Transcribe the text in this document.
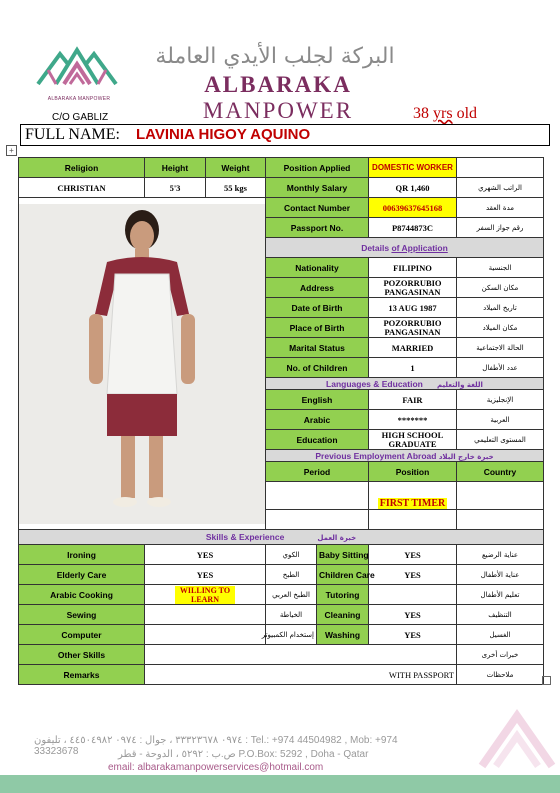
ALBARAKA MANPOWER
البركة لجلب الأيدي العاملة
ALBARAKA MANPOWER
C/O GABLIZ	38 yrs old
FULL NAME: LAVINIA HIGOY AQUINO
+
Religion	Height	Weight	Position Applied		DOMESTIC WORKER	
CHRISTIAN	5'3	55 kgs	Monthly Salary		QR 1,460	الراتب الشهري

	Contact Number		00639637645168	مدة العقد
			Passport No.		P8744873C	رقم جواز السفر
			Details of Application			
			Nationality		FILIPINO	الجنسية
			Address		POZORRUBIO PANGASINAN	مكان السكن
			Date of Birth		13 AUG 1987	تاريخ الميلاد
			Place of Birth		POZORRUBIO PANGASINAN	مكان الميلاد
			Marital Status		MARRIED	الحالة الاجتماعية
			No. of Children		1	عدد الأطفال
			Languages & Education اللغة والتعليم			
			English		FAIR	الإنجليزية
			Arabic		*******	العربية
			Education		HIGH SCHOOL GRADUATE	المستوى التعليمي
			Previous Employment Abroad خبرة خارج البلاد			
			Period		Position	Country
					FIRST TIMER	

Skills & Experience خبرة العمل						
Ironing	YES		الكوي	Baby Sitting	YES	عناية الرضيع
Elderly Care	YES		الطبخ	Children Care	YES	عناية الأطفال
Arabic Cooking	WILLING TO LEARN		الطبخ العربي	Tutoring		تعليم الأطفال
Sewing			الخياطة	Cleaning	YES	التنظيف
Computer			إستخدام الكمبيوتر	Washing	YES	الغسيل
Other Skills						خبرات أخرى
Remarks	WITH PASSPORT					ملاحظات
٠٩٧٤ ٣٣٣٢٣٦٧٨ ، جوال : ٠٩٧٤ ٤٤٥٠٤٩٨٢ ، تليفون : Tel.: +974 44504982 , Mob: +974 33323678	ص.ب : ٥٢٩٢ ، الدوحة - قطر P.O.Box: 5292 , Doha - Qatar
email: albarakamanpowerservices@hotmail.com
